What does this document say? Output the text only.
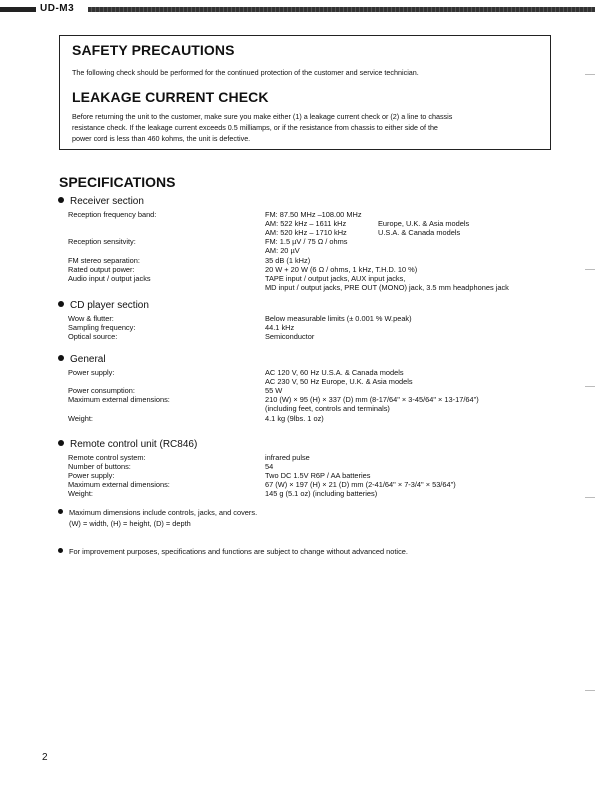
UD-M3
SAFETY PRECAUTIONS

The following check should be performed for the continued protection of the customer and service technician.

LEAKAGE CURRENT CHECK

Before returning the unit to the customer, make sure you make either (1) a leakage current check or (2) a line to chassis
resistance check. If the leakage current exceeds 0.5 milliamps, or if the resistance from chassis to either side of the
power cord is less than 460 kohms, the unit is defective.

SPECIFICATIONS
Receiver section
Reception frequency band:	FM: 87.50 MHz –108.00 MHz
AM: 522 kHz – 1611 kHz	Europe, U.K. & Asia models
AM: 520 kHz – 1710 kHz	U.S.A. & Canada models
Reception sensitvity:	FM: 1.5 µV / 75 Ω / ohms
AM: 20 µV
FM stereo separation:	35 dB (1 kHz)
Rated output power:	20 W + 20 W (6 Ω / ohms, 1 kHz, T.H.D. 10 %)
Audio input / output jacks	TAPE input / output jacks, AUX input jacks,
MD input / output jacks, PRE OUT (MONO) jack, 3.5 mm headphones jack
CD player section
Wow & flutter:	Below measurable limits (± 0.001 % W.peak)
Sampling frequency:	44.1 kHz
Optical source:	Semiconductor
General
Power supply:	AC 120 V, 60 Hz U.S.A. & Canada models
AC 230 V, 50 Hz Europe, U.K. & Asia models
Power consumption:	55 W
Maximum external dimensions:	210 (W) × 95 (H) × 337 (D) mm (8-17/64" × 3-45/64" × 13-17/64")
(including feet, controls and terminals)
Weight:	4.1 kg (9lbs. 1 oz)
Remote control unit (RC846)
Remote control system:	infrared pulse
Number of buttons:	54
Power supply:	Two DC 1.5V R6P / AA batteries
Maximum external dimensions:	67 (W) × 197 (H) × 21 (D) mm (2-41/64" × 7-3/4" × 53/64")
Weight:	145 g (5.1 oz) (including batteries)
Maximum dimensions include controls, jacks, and covers.
(W) = width, (H) = height, (D) = depth
For improvement purposes, specifications and functions are subject to change without advanced notice.
2
